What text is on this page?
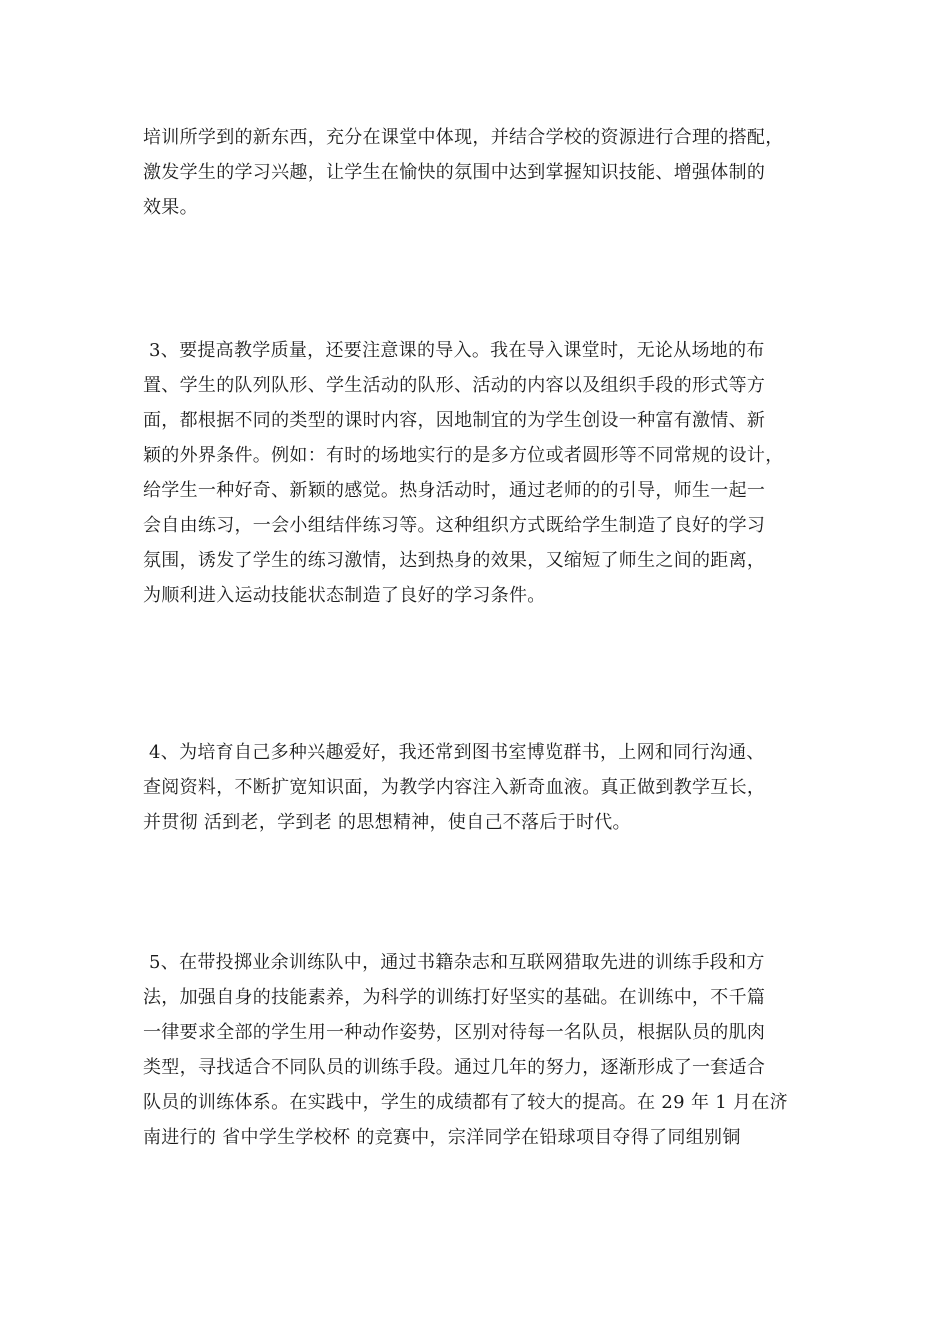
培训所学到的新东西，充分在课堂中体现，并结合学校的资源进行合理的搭配，
激发学生的学习兴趣，让学生在愉快的氛围中达到掌握知识技能、增强体制的
效果。
3、要提高教学质量，还要注意课的导入。我在导入课堂时，无论从场地的布
置、学生的队列队形、学生活动的队形、活动的内容以及组织手段的形式等方
面，都根据不同的类型的课时内容，因地制宜的为学生创设一种富有激情、新
颖的外界条件。例如：有时的场地实行的是多方位或者圆形等不同常规的设计，
给学生一种好奇、新颖的感觉。热身活动时，通过老师的的引导，师生一起一
会自由练习，一会小组结伴练习等。这种组织方式既给学生制造了良好的学习
氛围，诱发了学生的练习激情，达到热身的效果，又缩短了师生之间的距离，
为顺利进入运动技能状态制造了良好的学习条件。
4、为培育自己多种兴趣爱好，我还常到图书室博览群书，上网和同行沟通、
查阅资料，不断扩宽知识面，为教学内容注入新奇血液。真正做到教学互长，
并贯彻 活到老，学到老 的思想精神，使自己不落后于时代。
5、在带投掷业余训练队中，通过书籍杂志和互联网猎取先进的训练手段和方
法，加强自身的技能素养，为科学的训练打好坚实的基础。在训练中，不千篇
一律要求全部的学生用一种动作姿势，区别对待每一名队员，根据队员的肌肉
类型，寻找适合不同队员的训练手段。通过几年的努力，逐渐形成了一套适合
队员的训练体系。在实践中，学生的成绩都有了较大的提高。在 29 年 1 月在济
南进行的 省中学生学校杯 的竞赛中，宗洋同学在铅球项目夺得了同组别铜
